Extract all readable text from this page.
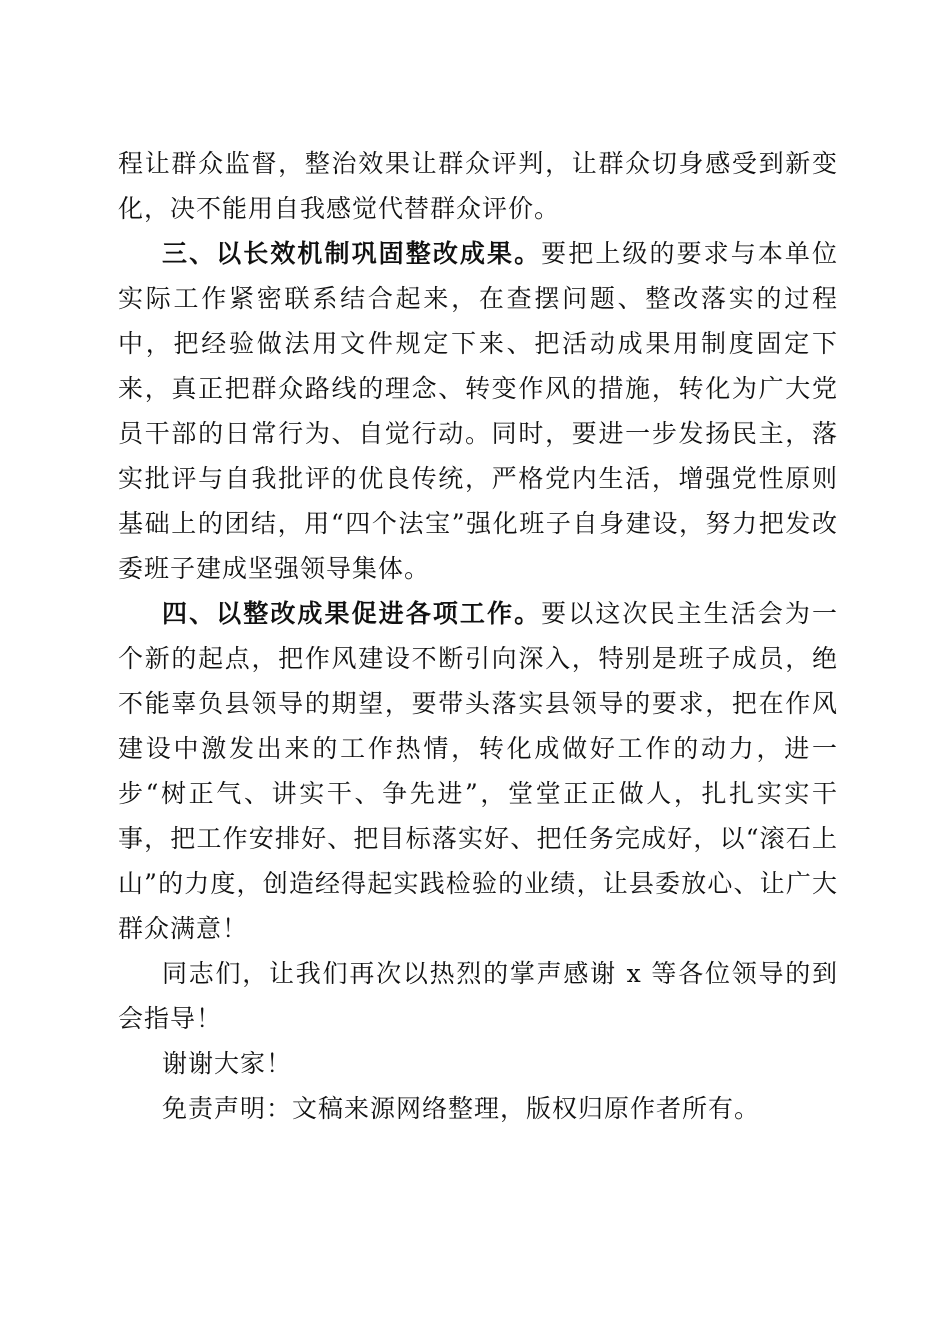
程让群众监督，整治效果让群众评判，让群众切身感受到新变化，决不能用自我感觉代替群众评价。

三、以长效机制巩固整改成果。要把上级的要求与本单位实际工作紧密联系结合起来，在查摆问题、整改落实的过程中，把经验做法用文件规定下来、把活动成果用制度固定下来，真正把群众路线的理念、转变作风的措施，转化为广大党员干部的日常行为、自觉行动。同时，要进一步发扬民主，落实批评与自我批评的优良传统，严格党内生活，增强党性原则基础上的团结，用“四个法宝”强化班子自身建设，努力把发改委班子建成坚强领导集体。

四、以整改成果促进各项工作。要以这次民主生活会为一个新的起点，把作风建设不断引向深入，特别是班子成员，绝不能辜负县领导的期望，要带头落实县领导的要求，把在作风建设中激发出来的工作热情，转化成做好工作的动力，进一步“树正气、讲实干、争先进”，堂堂正正做人，扎扎实实干事，把工作安排好、把目标落实好、把任务完成好，以“滚石上山”的力度，创造经得起实践检验的业绩，让县委放心、让广大群众满意！

同志们，让我们再次以热烈的掌声感谢 x 等各位领导的到会指导！

谢谢大家！

免责声明：文稿来源网络整理，版权归原作者所有。
